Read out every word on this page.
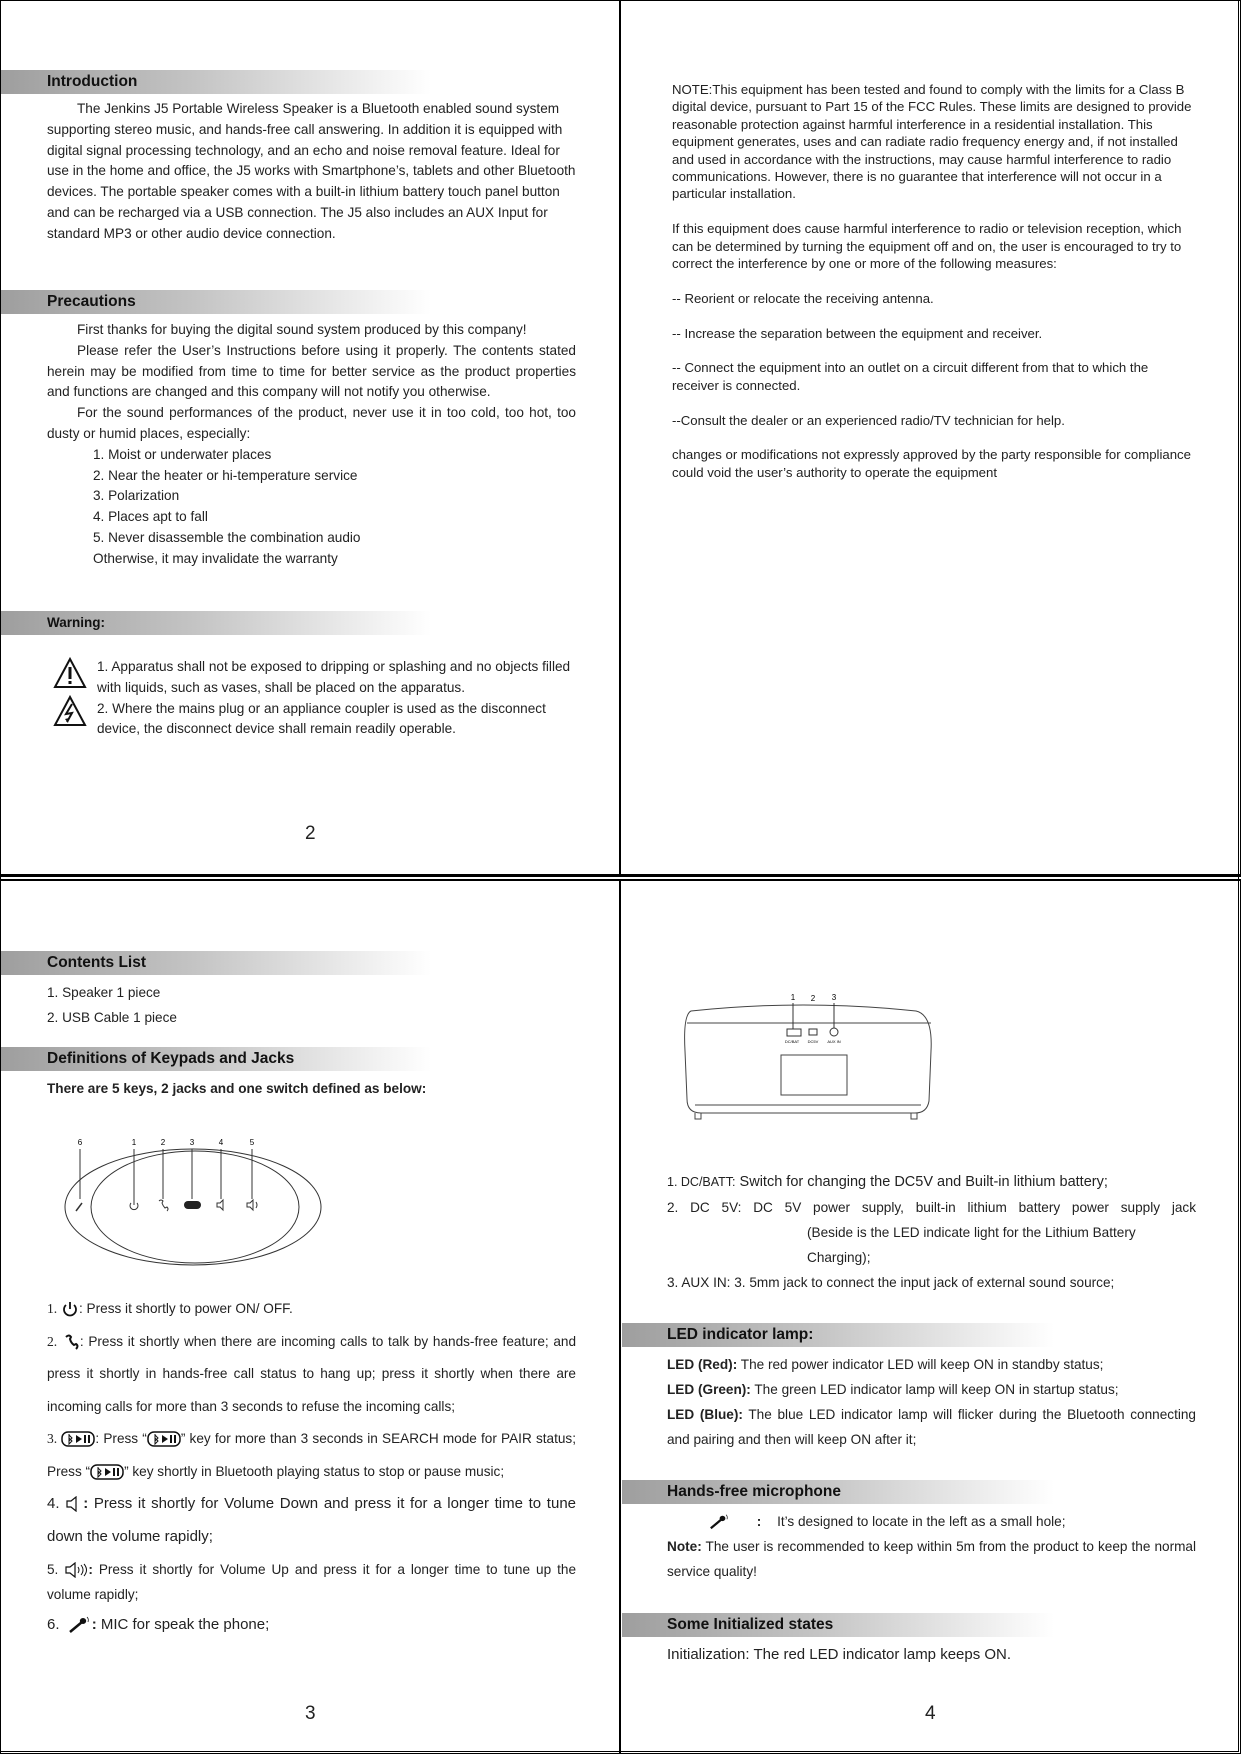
Introduction

The Jenkins J5 Portable Wireless Speaker is a Bluetooth enabled sound system supporting stereo music, and hands-free call answering. In addition it is equipped with digital signal processing technology, and an echo and noise removal feature. Ideal for use in the home and office, the J5 works with Smartphone’s, tablets and other Bluetooth devices. The portable speaker comes with a built-in lithium battery touch panel button and can be recharged via a USB connection. The J5 also includes an AUX Input for standard MP3 or other audio device connection.

Precautions

First thanks for buying the digital sound system produced by this company!

Please refer the User’s Instructions before using it properly. The contents stated herein may be modified from time to time for better service as the product properties and functions are changed and this company will not notify you otherwise.

For the sound performances of the product, never use it in too cold, too hot, too dusty or humid places, especially:

1. Moist or underwater places
2. Near the heater or hi-temperature service
3. Polarization
4. Places apt to fall
5. Never disassemble the combination audio
Otherwise, it may invalidate the warranty
Warning:

1. Apparatus shall not be exposed to dripping or splashing and no objects filled with liquids, such as vases, shall be placed on the apparatus.

2. Where the mains plug or an appliance coupler is used as the disconnect device, the disconnect device shall remain readily operable.

2

NOTE:This equipment has been tested and found to comply with the limits for a Class B digital device, pursuant to Part 15 of the FCC Rules. These limits are designed to provide reasonable protection against harmful interference in a residential installation. This equipment generates, uses and can radiate radio frequency energy and, if not installed and used in accordance with the instructions, may cause harmful interference to radio communications. However, there is no guarantee that interference will not occur in a particular installation.

If this equipment does cause harmful interference to radio or television reception, which can be determined by turning the equipment off and on, the user is encouraged to try to correct the interference by one or more of the following measures:

-- Reorient or relocate the receiving antenna.

-- Increase the separation between the equipment and receiver.

-- Connect the equipment into an outlet on a circuit different from that to which the receiver is connected.

--Consult the dealer or an experienced radio/TV technician for help.

changes or modifications not expressly approved by the party responsible for compliance could void the user’s authority to operate the equipment

Contents List
1. Speaker 1 piece
2. USB Cable 1 piece
Definitions of Keypads and Jacks
There are 5 keys, 2 jacks and one switch defined as below:
6	1	2	3	4	5
1. : Press it shortly to power ON/ OFF.
2. : Press it shortly when there are incoming calls to talk by hands-free feature; and press it shortly in hands-free call status to hang up; press it shortly when there are incoming calls for more than 3 seconds to refuse the incoming calls;
3.	: Press “	” key for more than 3 seconds in SEARCH mode for PAIR status; Press “	” key shortly in Bluetooth playing status to stop or pause music;
4. : Press it shortly for Volume Down and press it for a longer time to tune down the volume rapidly;
5. : Press it shortly for Volume Up and press it for a longer time to tune up the volume rapidly;
6. : MIC for speak the phone;
3
1 2 3
DC/BAT DC5V AUX IN
1. DC/BATT: Switch for changing the DC5V and Built-in lithium battery;
2. DC 5V: DC 5V power supply, built-in lithium battery power supply jack
(Beside is the LED indicate light for the Lithium Battery Charging);
3. AUX IN: 3. 5mm jack to connect the input jack of external sound source;
LED indicator lamp:
LED (Red): The red power indicator LED will keep ON in standby status;
LED (Green): The green LED indicator lamp will keep ON in startup status;
LED (Blue): The blue LED indicator lamp will flicker during the Bluetooth connecting and pairing and then will keep ON after it;
Hands-free microphone
: It’s designed to locate in the left as a small hole;
Note: The user is recommended to keep within 5m from the product to keep the normal service quality!
Some Initialized states
Initialization: The red LED indicator lamp keeps ON.
4
